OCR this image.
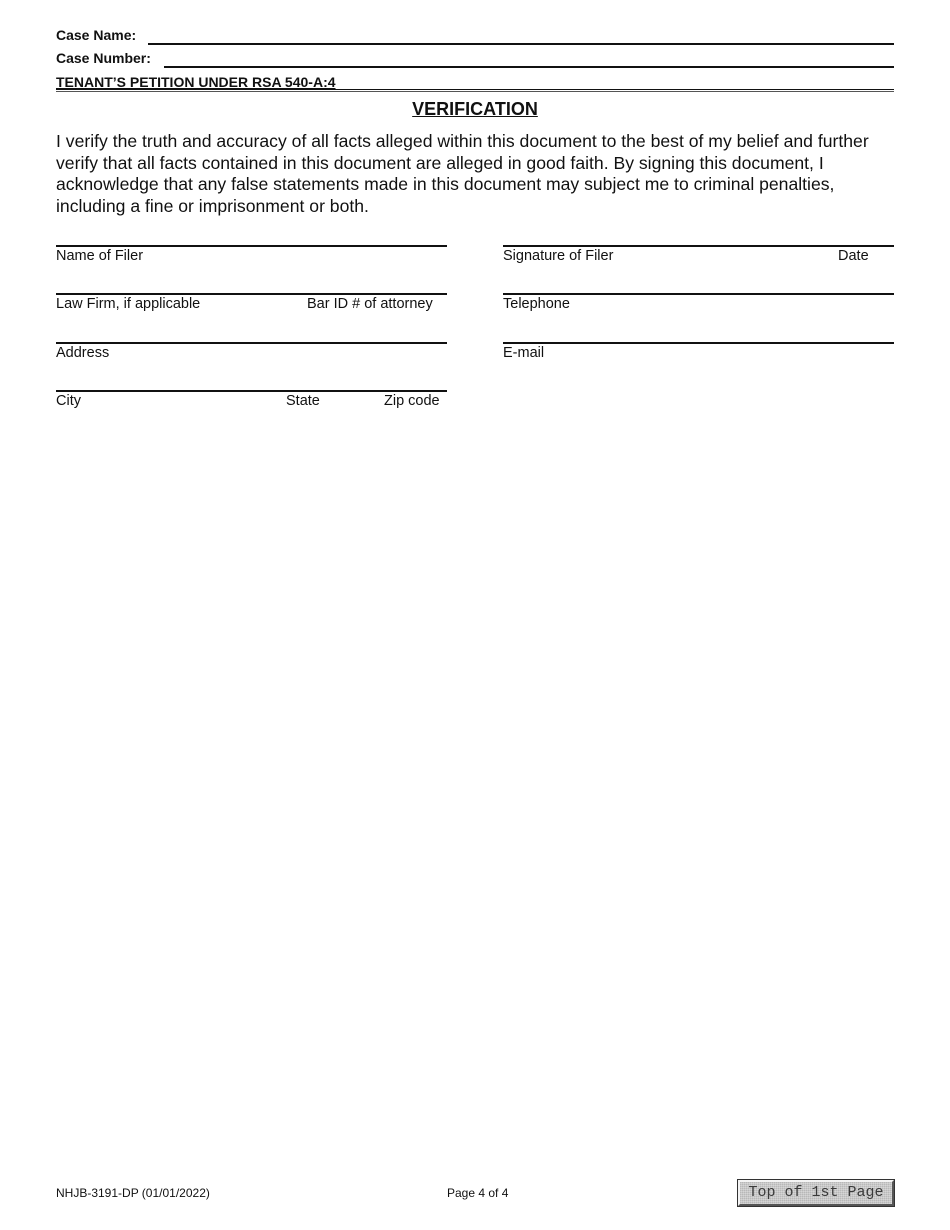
Case Name:
Case Number:
TENANT’S PETITION UNDER RSA 540-A:4
VERIFICATION

I verify the truth and accuracy of all facts alleged within this document to the best of my belief and further verify that all facts contained in this document are alleged in good faith. By signing this document, I acknowledge that any false statements made in this document may subject me to criminal penalties, including a fine or imprisonment or both.

Name of Filer
Law Firm, if applicable	Bar ID # of attorney
Address
City	State	Zip code
Signature of Filer	Date
Telephone
E-mail
NHJB-3191-DP (01/01/2022)	Page 4 of 4	Top of 1st Page
